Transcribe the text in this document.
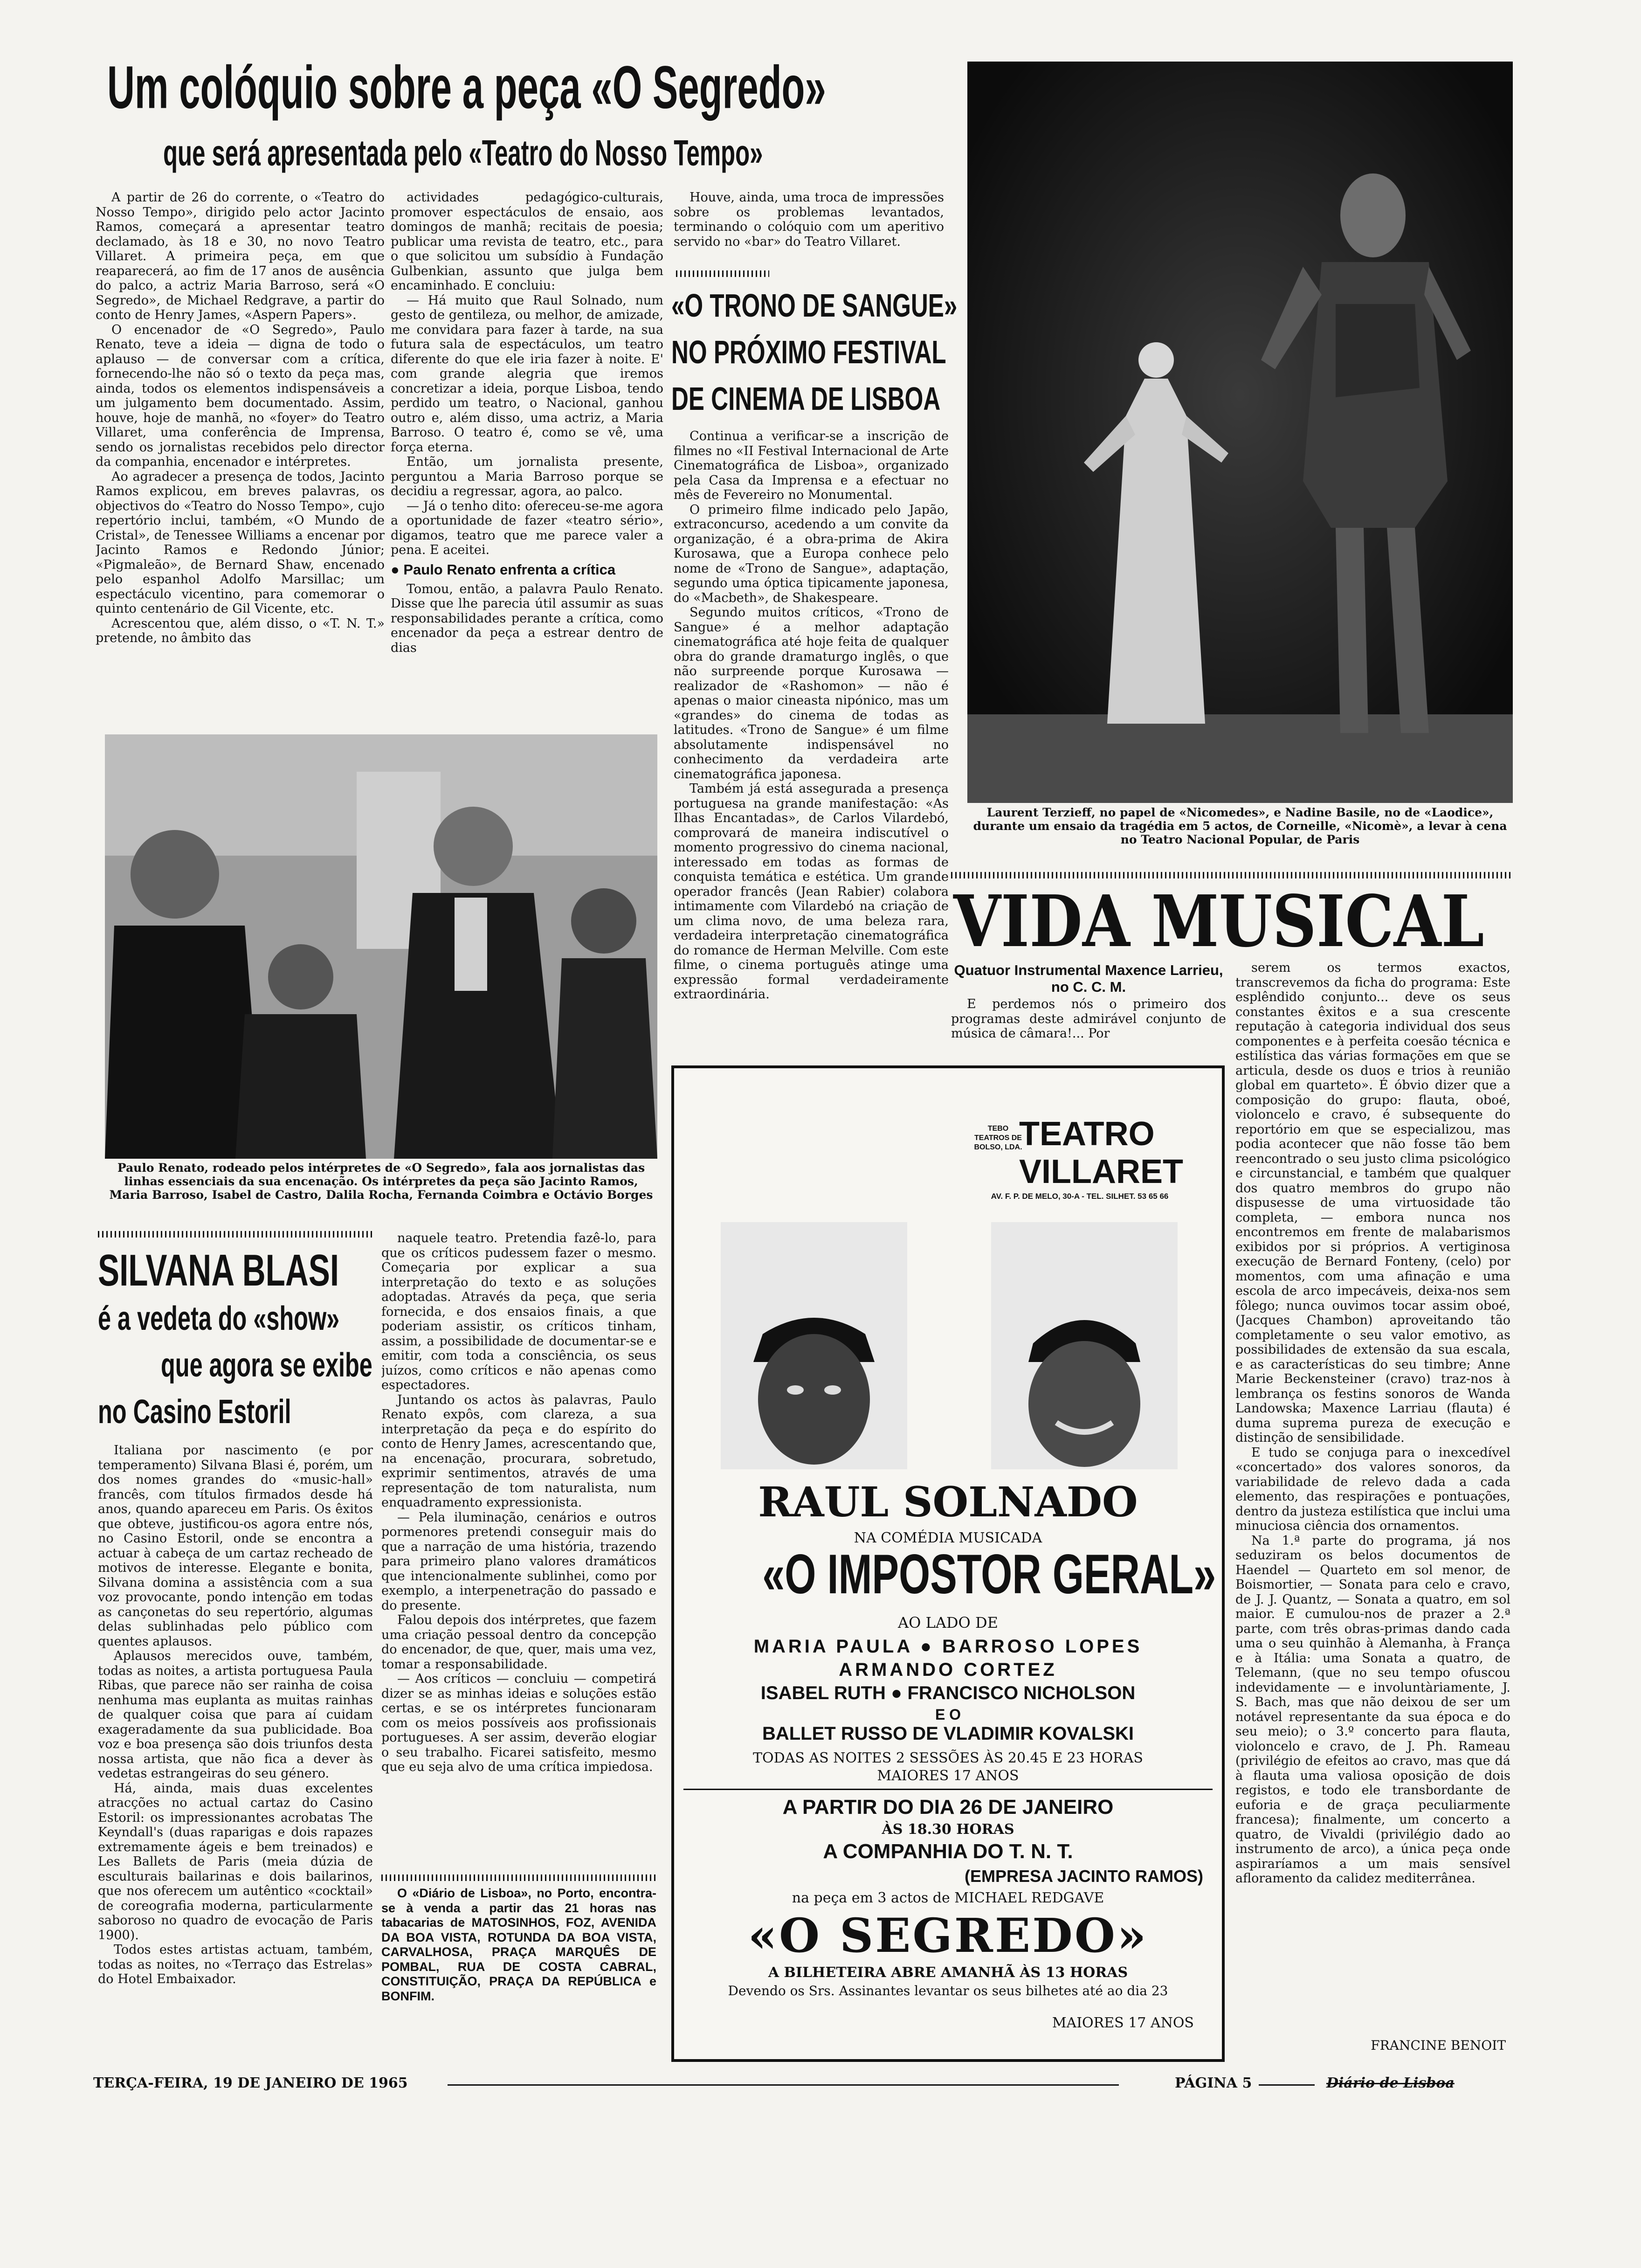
Um colóquio sobre a peça «O Segredo»
que será apresentada pelo «Teatro do Nosso Tempo»

A partir de 26 do corrente, o «Teatro do Nosso Tempo», dirigido pelo actor Jacinto Ramos, começará a apresentar teatro declamado, às 18 e 30, no novo Teatro Villaret. A primeira peça, em que reaparecerá, ao fim de 17 anos de ausência do palco, a actriz Maria Barroso, será «O Segredo», de Michael Redgrave, a partir do conto de Henry James, «Aspern Papers».

O encenador de «O Segredo», Paulo Renato, teve a ideia — digna de todo o aplauso — de conversar com a crítica, fornecendo-lhe não só o texto da peça mas, ainda, todos os elementos indispensáveis a um julgamento bem documentado. Assim, houve, hoje de manhã, no «foyer» do Teatro Villaret, uma conferência de Imprensa, sendo os jornalistas recebidos pelo director da companhia, encenador e intérpretes.

Ao agradecer a presença de todos, Jacinto Ramos explicou, em breves palavras, os objectivos do «Teatro do Nosso Tempo», cujo repertório inclui, também, «O Mundo de Cristal», de Tenessee Williams a encenar por Jacinto Ramos e Redondo Júnior; «Pigmaleão», de Bernard Shaw, encenado pelo espanhol Adolfo Marsillac; um espectáculo vicentino, para comemorar o quinto centenário de Gil Vicente, etc.

Acrescentou que, além disso, o «T. N. T.» pretende, no âmbito das

actividades pedagógico-culturais, promover espectáculos de ensaio, aos domingos de manhã; recitais de poesia; publicar uma revista de teatro, etc., para o que solicitou um subsídio à Fundação Gulbenkian, assunto que julga bem encaminhado. E concluiu:

— Há muito que Raul Solnado, num gesto de gentileza, ou melhor, de amizade, me convidara para fazer à tarde, na sua futura sala de espectáculos, um teatro diferente do que ele iria fazer à noite. E' com grande alegria que iremos concretizar a ideia, porque Lisboa, tendo perdido um teatro, o Nacional, ganhou outro e, além disso, uma actriz, a Maria Barroso. O teatro é, como se vê, uma força eterna.

Então, um jornalista presente, perguntou a Maria Barroso porque se decidiu a regressar, agora, ao palco.

— Já o tenho dito: ofereceu-se-me agora a oportunidade de fazer «teatro sério», digamos, teatro que me parece valer a pena. E aceitei.

● Paulo Renato enfrenta a crítica

Tomou, então, a palavra Paulo Renato. Disse que lhe parecia útil assumir as suas responsabilidades perante a crítica, como encenador da peça a estrear dentro de dias

Houve, ainda, uma troca de impressões sobre os problemas levantados, terminando o colóquio com um aperitivo servido no «bar» do Teatro Villaret.

«O TRONO DE SANGUE»
NO PRÓXIMO FESTIVAL
DE CINEMA DE LISBOA

Continua a verificar-se a inscrição de filmes no «II Festival Internacional de Arte Cinematográfica de Lisboa», organizado pela Casa da Imprensa e a efectuar no mês de Fevereiro no Monumental.

O primeiro filme indicado pelo Japão, extraconcurso, acedendo a um convite da organização, é a obra-prima de Akira Kurosawa, que a Europa conhece pelo nome de «Trono de Sangue», adaptação, segundo uma óptica tipicamente japonesa, do «Macbeth», de Shakespeare.

Segundo muitos críticos, «Trono de Sangue» é a melhor adaptação cinematográfica até hoje feita de qualquer obra do grande dramaturgo inglês, o que não surpreende porque Kurosawa — realizador de «Rashomon» — não é apenas o maior cineasta nipónico, mas um «grandes» do cinema de todas as latitudes. «Trono de Sangue» é um filme absolutamente indispensável no conhecimento da verdadeira arte cinematográfica japonesa.

Também já está assegurada a presença portuguesa na grande manifestação: «As Ilhas Encantadas», de Carlos Vilardebó, comprovará de maneira indiscutível o momento progressivo do cinema nacional, interessado em todas as formas de conquista temática e estética. Um grande operador francês (Jean Rabier) colabora intimamente com Vilardebó na criação de um clima novo, de uma beleza rara, verdadeira interpretação cinematográfica do romance de Herman Melville. Com este filme, o cinema português atinge uma expressão formal verdadeiramente extraordinária.

Laurent Terzieff, no papel de «Nicomedes», e Nadine Basile, no de «Laodice», durante um ensaio da tragédia em 5 actos, de Corneille, «Nicomè», a levar à cena no Teatro Nacional Popular, de Paris
Paulo Renato, rodeado pelos intérpretes de «O Segredo», fala aos jornalistas das linhas essenciais da sua encenação. Os intérpretes da peça são Jacinto Ramos, Maria Barroso, Isabel de Castro, Dalila Rocha, Fernanda Coimbra e Octávio Borges

naquele teatro. Pretendia fazê-lo, para que os críticos pudessem fazer o mesmo. Começaria por explicar a sua interpretação do texto e as soluções adoptadas. Através da peça, que seria fornecida, e dos ensaios finais, a que poderiam assistir, os críticos tinham, assim, a possibilidade de documentar-se e emitir, com toda a consciência, os seus juízos, como críticos e não apenas como espectadores.

Juntando os actos às palavras, Paulo Renato expôs, com clareza, a sua interpretação da peça e do espírito do conto de Henry James, acrescentando que, na encenação, procurara, sobretudo, exprimir sentimentos, através de uma representação de tom naturalista, num enquadramento expressionista.

— Pela iluminação, cenários e outros pormenores pretendi conseguir mais do que a narração de uma história, trazendo para primeiro plano valores dramáticos que intencionalmente sublinhei, como por exemplo, a interpenetração do passado e do presente.

Falou depois dos intérpretes, que fazem uma criação pessoal dentro da concepção do encenador, de que, quer, mais uma vez, tomar a responsabilidade.

— Aos críticos — concluiu — competirá dizer se as minhas ideias e soluções estão certas, e se os intérpretes funcionaram com os meios possíveis aos profissionais portugueses. A ser assim, deverão elogiar o seu trabalho. Ficarei satisfeito, mesmo que eu seja alvo de uma crítica impiedosa.

O «Diário de Lisboa», no Porto, encontra-se à venda a partir das 21 horas nas tabacarias de MATOSINHOS, FOZ, AVENIDA DA BOA VISTA, ROTUNDA DA BOA VISTA, CARVALHOSA, PRAÇA MARQUÊS DE POMBAL, RUA DE COSTA CABRAL, CONSTITUIÇÃO, PRAÇA DA REPÚBLICA e BONFIM.

SILVANA BLASI
é a vedeta do «show»
que agora se exibe
no Casino Estoril

Italiana por nascimento (e por temperamento) Silvana Blasi é, porém, um dos nomes grandes do «music-hall» francês, com títulos firmados desde há anos, quando apareceu em Paris. Os êxitos que obteve, justificou-os agora entre nós, no Casino Estoril, onde se encontra a actuar à cabeça de um cartaz recheado de motivos de interesse. Elegante e bonita, Silvana domina a assistência com a sua voz provocante, pondo intenção em todas as cançonetas do seu repertório, algumas delas sublinhadas pelo público com quentes aplausos.

Aplausos merecidos ouve, também, todas as noites, a artista portuguesa Paula Ribas, que parece não ser rainha de coisa nenhuma mas euplanta as muitas rainhas de qualquer coisa que para aí cuidam exageradamente da sua publicidade. Boa voz e boa presença são dois triunfos desta nossa artista, que não fica a dever às vedetas estrangeiras do seu género.

Há, ainda, mais duas excelentes atracções no actual cartaz do Casino Estoril: os impressionantes acrobatas The Keyndall's (duas raparigas e dois rapazes extremamente ágeis e bem treinados) e Les Ballets de Paris (meia dúzia de esculturais bailarinas e dois bailarinos, que nos oferecem um autêntico «cocktail» de coreografia moderna, particularmente saboroso no quadro de evocação de Paris 1900).

Todos estes artistas actuam, também, todas as noites, no «Terraço das Estrelas» do Hotel Embaixador.

VIDA MUSICAL
Quatuor Instrumental Maxence Larrieu, no C. C. M.

E perdemos nós o primeiro dos programas deste admirável conjunto de música de câmara!... Por

serem os termos exactos, transcrevemos da ficha do programa: Este esplêndido conjunto... deve os seus constantes êxitos e a sua crescente reputação à categoria individual dos seus componentes e à perfeita coesão técnica e estilística das várias formações em que se articula, desde os duos e trios à reunião global em quarteto». É óbvio dizer que a composição do grupo: flauta, oboé, violoncelo e cravo, é subsequente do reportório em que se especializou, mas podia acontecer que não fosse tão bem reencontrado o seu justo clima psicológico e circunstancial, e também que qualquer dos quatro membros do grupo não dispusesse de uma virtuosidade tão completa, — embora nunca nos encontremos em frente de malabarismos exibidos por si próprios. A vertiginosa execução de Bernard Fonteny, (celo) por momentos, com uma afinação e uma escola de arco impecáveis, deixa-nos sem fôlego; nunca ouvimos tocar assim oboé, (Jacques Chambon) aproveitando tão completamente o seu valor emotivo, as possibilidades de extensão da sua escala, e as características do seu timbre; Anne Marie Beckensteiner (cravo) traz-nos à lembrança os festins sonoros de Wanda Landowska; Maxence Larriau (flauta) é duma suprema pureza de execução e distinção de sensibilidade.

E tudo se conjuga para o inexcedível «concertado» dos valores sonoros, da variabilidade de relevo dada a cada elemento, das respirações e pontuações, dentro da justeza estilística que inclui uma minuciosa ciência dos ornamentos.

Na 1.ª parte do programa, já nos seduziram os belos documentos de Haendel — Quarteto em sol menor, de Boismortier, — Sonata para celo e cravo, de J. J. Quantz, — Sonata a quatro, em sol maior. E cumulou-nos de prazer a 2.ª parte, com três obras-primas dando cada uma o seu quinhão à Alemanha, à França e à Itália: uma Sonata a quatro, de Telemann, (que no seu tempo ofuscou indevidamente — e involuntàriamente, J. S. Bach, mas que não deixou de ser um notável representante da sua época e do seu meio); o 3.º concerto para flauta, violoncelo e cravo, de J. Ph. Rameau (privilégio de efeitos ao cravo, mas que dá à flauta uma valiosa oposição de dois registos, e todo ele transbordante de euforia e de graça peculiarmente francesa); finalmente, um concerto a quatro, de Vivaldi (privilégio dado ao instrumento de arco), a única peça onde aspiraríamos a um mais sensível afloramento da calidez mediterrânea.

FRANCINE BENOIT
TEBO TEATROS DE BOLSO, LDA.
TEATRO VILLARET
AV. F. P. DE MELO, 30-A - TEL. SILHET. 53 65 66
RAUL SOLNADO
NA COMÉDIA MUSICADA
«O IMPOSTOR GERAL»
AO LADO DE
MARIA PAULA ● BARROSO LOPES
ARMANDO CORTEZ
ISABEL RUTH ● FRANCISCO NICHOLSON
E O
BALLET RUSSO DE VLADIMIR KOVALSKI
TODAS AS NOITES 2 SESSÕES ÀS 20.45 E 23 HORAS
MAIORES 17 ANOS
A PARTIR DO DIA 26 DE JANEIRO
ÀS 18.30 HORAS
A COMPANHIA DO T. N. T.
(EMPRESA JACINTO RAMOS)
na peça em 3 actos de MICHAEL REDGAVE
«O SEGREDO»
A BILHETEIRA ABRE AMANHÃ ÀS 13 HORAS
Devendo os Srs. Assinantes levantar os seus bilhetes até ao dia 23
MAIORES 17 ANOS
TERÇA-FEIRA, 19 DE JANEIRO DE 1965	PÁGINA 5	Diário de Lisboa
